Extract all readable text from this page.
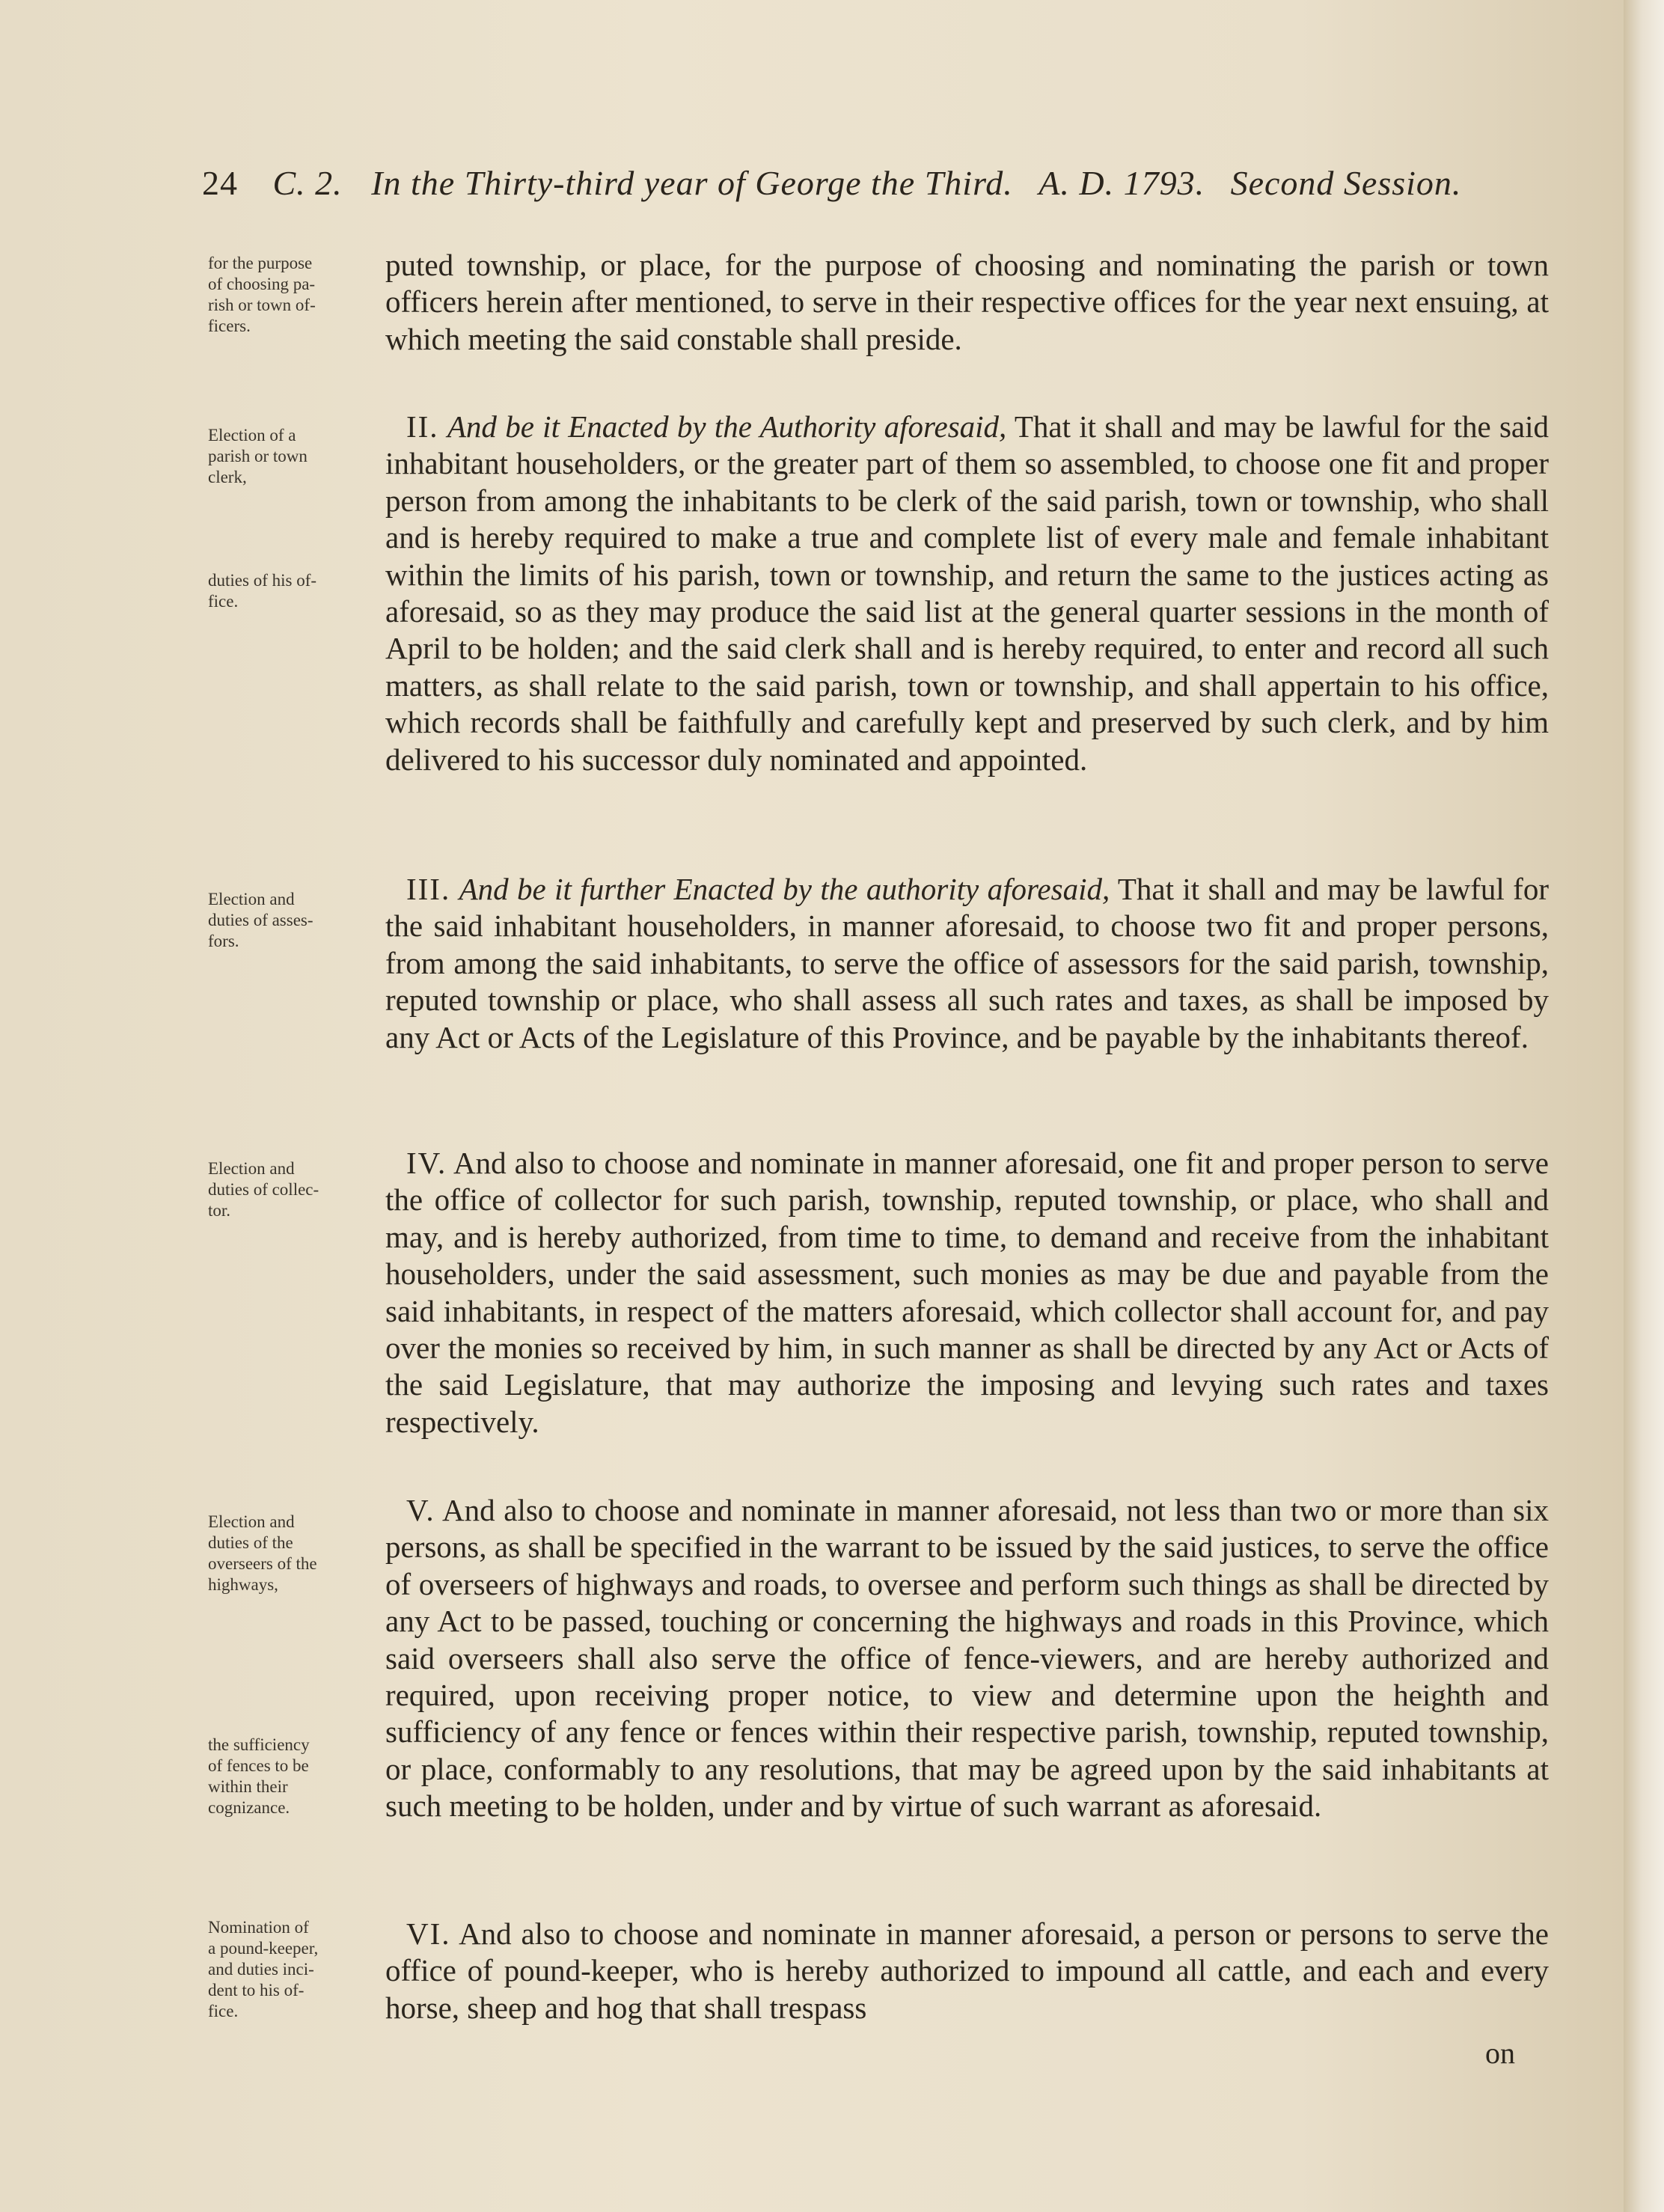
24 C. 2. In the Thirty-third year of George the Third. A. D. 1793. Second Session.
for the purpose
of choosing pa-
rish or town of-
ficers.
Election of a
parish or town
clerk,
duties of his of-
fice.
Election and
duties of asses-
fors.
Election and
duties of collec-
tor.
Election and
duties of the
overseers of the
highways,
the sufficiency
of fences to be
within their
cognizance.
Nomination of
a pound-keeper,
and duties inci-
dent to his of-
fice.

puted township, or place, for the purpose of choosing and nominating the parish or town officers herein after mentioned, to serve in their respective offices for the year next ensuing, at which meeting the said constable shall preside.

II. And be it Enacted by the Authority aforesaid, That it shall and may be lawful for the said inhabitant householders, or the greater part of them so assembled, to choose one fit and proper person from among the inhabitants to be clerk of the said parish, town or township, who shall and is hereby required to make a true and complete list of every male and female inhabitant within the limits of his parish, town or township, and return the same to the justices acting as aforesaid, so as they may produce the said list at the general quarter sessions in the month of April to be holden; and the said clerk shall and is hereby required, to enter and record all such matters, as shall relate to the said parish, town or township, and shall appertain to his office, which records shall be faithfully and carefully kept and preserved by such clerk, and by him delivered to his successor duly nominated and appointed.

III. And be it further Enacted by the authority aforesaid, That it shall and may be lawful for the said inhabitant householders, in manner aforesaid, to choose two fit and proper persons, from among the said inhabitants, to serve the office of assessors for the said parish, township, reputed township or place, who shall assess all such rates and taxes, as shall be imposed by any Act or Acts of the Legislature of this Province, and be payable by the inhabitants thereof.

IV. And also to choose and nominate in manner aforesaid, one fit and proper person to serve the office of collector for such parish, township, reputed township, or place, who shall and may, and is hereby authorized, from time to time, to demand and receive from the inhabitant householders, under the said assessment, such monies as may be due and payable from the said inhabitants, in respect of the matters aforesaid, which collector shall account for, and pay over the monies so received by him, in such manner as shall be directed by any Act or Acts of the said Legislature, that may authorize the imposing and levying such rates and taxes respectively.

V. And also to choose and nominate in manner aforesaid, not less than two or more than six persons, as shall be specified in the warrant to be issued by the said justices, to serve the office of overseers of highways and roads, to oversee and perform such things as shall be directed by any Act to be passed, touching or concerning the highways and roads in this Province, which said overseers shall also serve the office of fence-viewers, and are hereby authorized and required, upon receiving proper notice, to view and determine upon the heighth and sufficiency of any fence or fences within their respective parish, township, reputed township, or place, conformably to any resolutions, that may be agreed upon by the said inhabitants at such meeting to be holden, under and by virtue of such warrant as aforesaid.

VI. And also to choose and nominate in manner aforesaid, a person or persons to serve the office of pound-keeper, who is hereby authorized to impound all cattle, and each and every horse, sheep and hog that shall trespass

on
